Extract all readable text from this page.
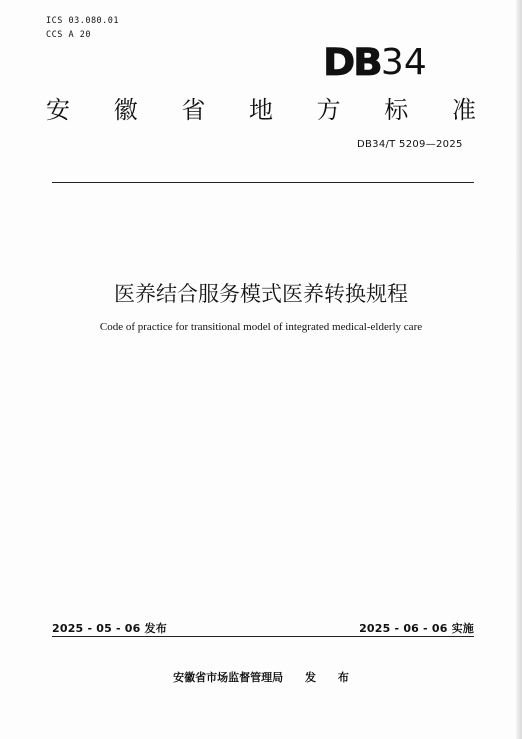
ICS 03.080.01
CCS A 20
DB 34
安 徽 省 地 方 标 准
DB34/T 5209—2025
医养结合服务模式医养转换规程
Code of practice for transitional model of integrated medical-elderly care
2025 - 05 - 06 发布	2025 - 06 - 06 实施
安徽省市场监督管理局 发 布
